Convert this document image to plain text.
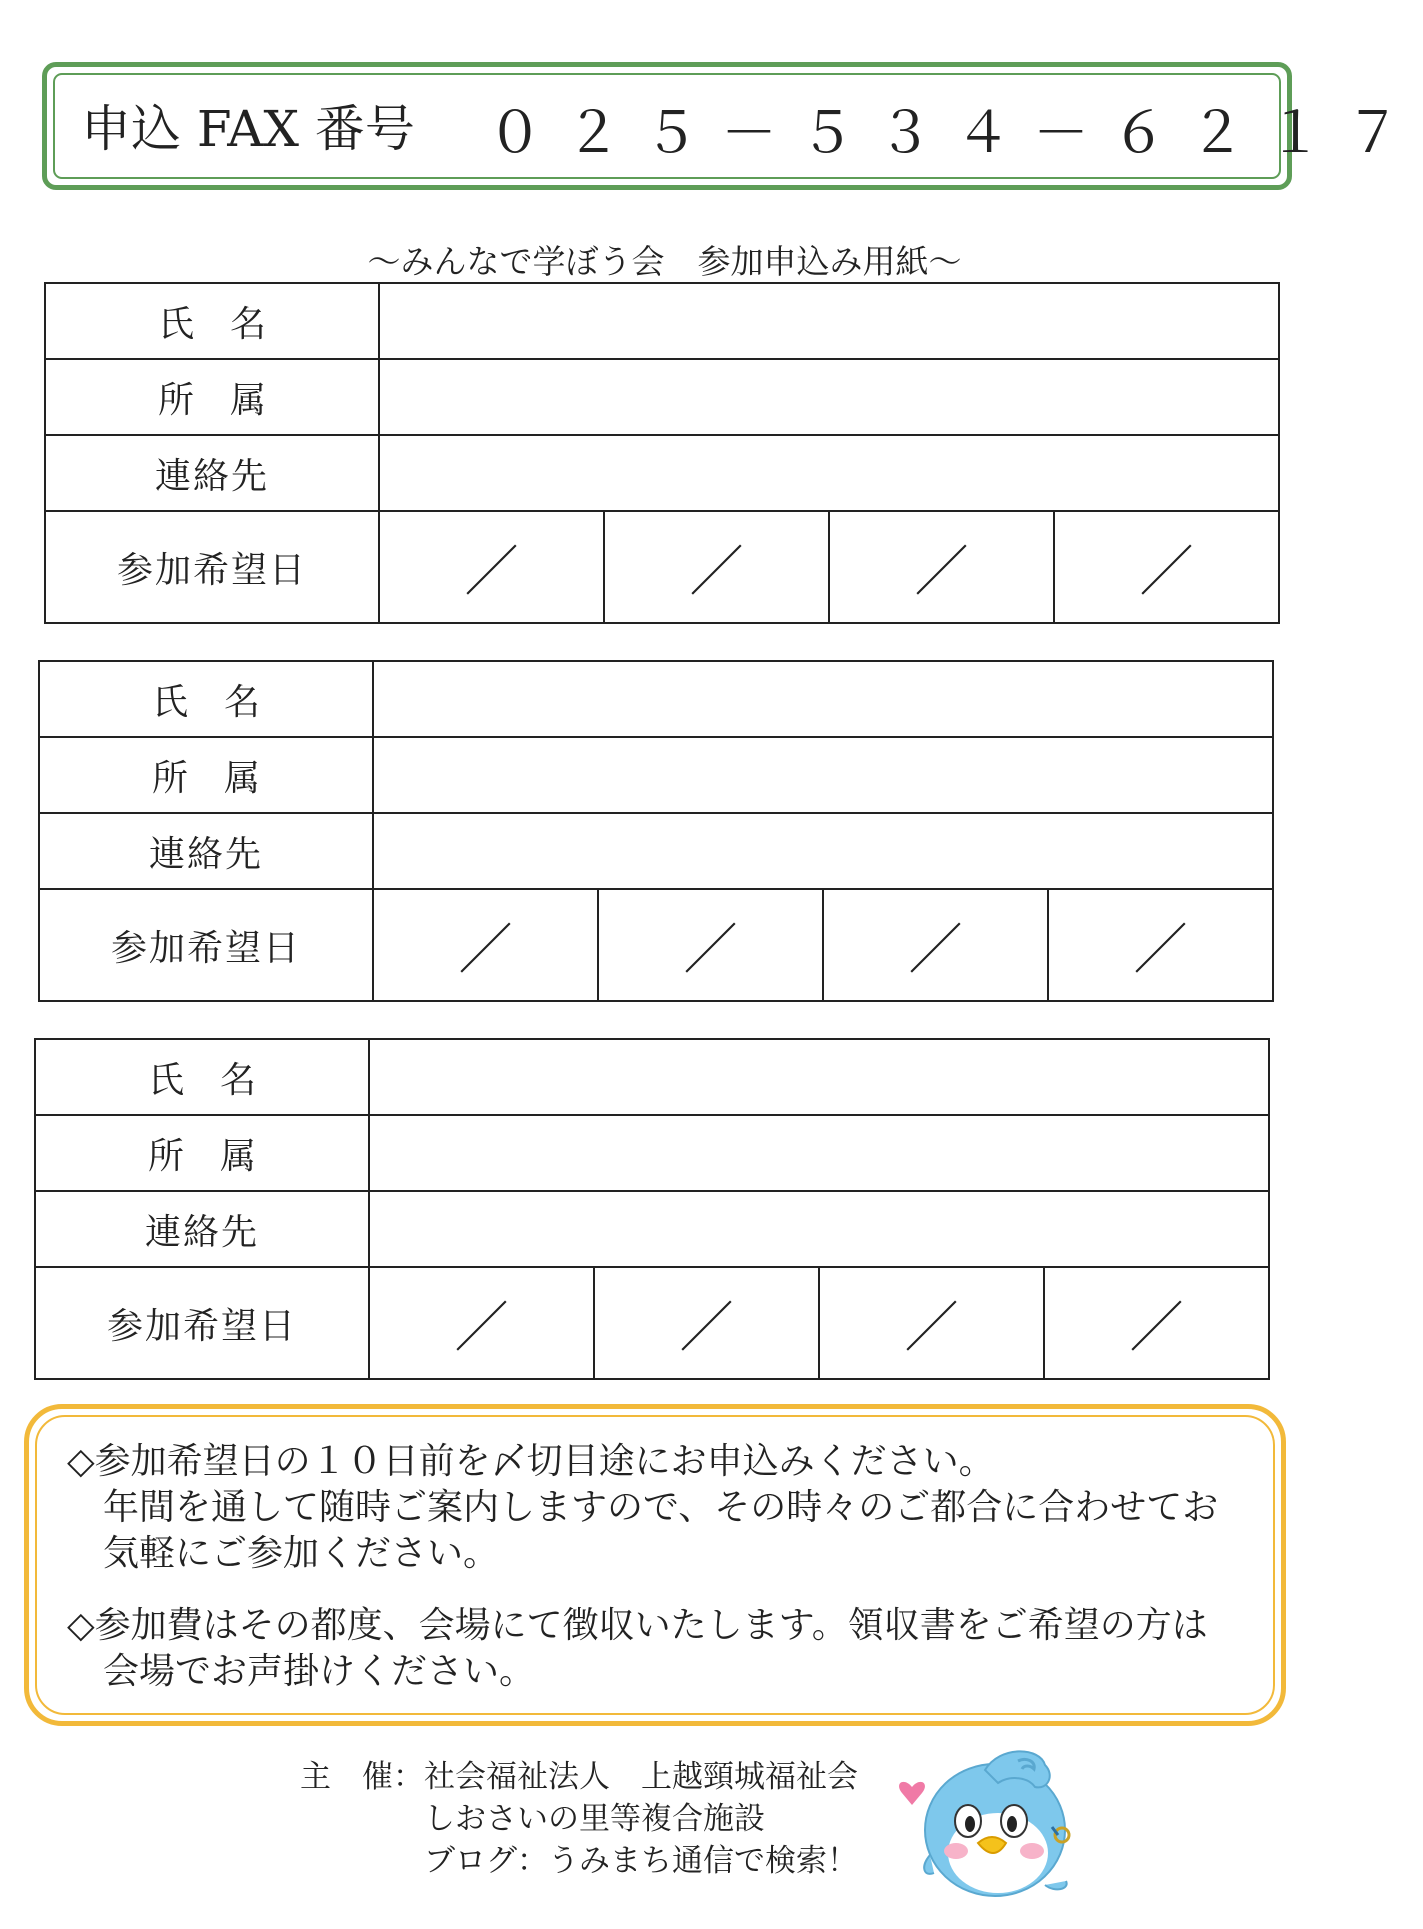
申込 FAX 番号 ０２５－５３４－６２１７
～みんなで学ぼう会　参加申込み用紙～
氏名				
所属				
連絡先				
参加希望日	／	／	／	／
氏名				
所属				
連絡先				
参加希望日	／	／	／	／
氏名				
所属				
連絡先				
参加希望日	／	／	／	／

◇参加希望日の１０日前を〆切目途にお申込みください。

　年間を通して随時ご案内しますので、その時々のご都合に合わせてお

　気軽にご参加ください。

◇参加費はその都度、会場にて徴収いたします。領収書をご希望の方は

　会場でお声掛けください。

主　催：社会福祉法人　上越頸城福祉会
　　　　しおさいの里等複合施設
　　　　ブログ：うみまち通信で検索！
